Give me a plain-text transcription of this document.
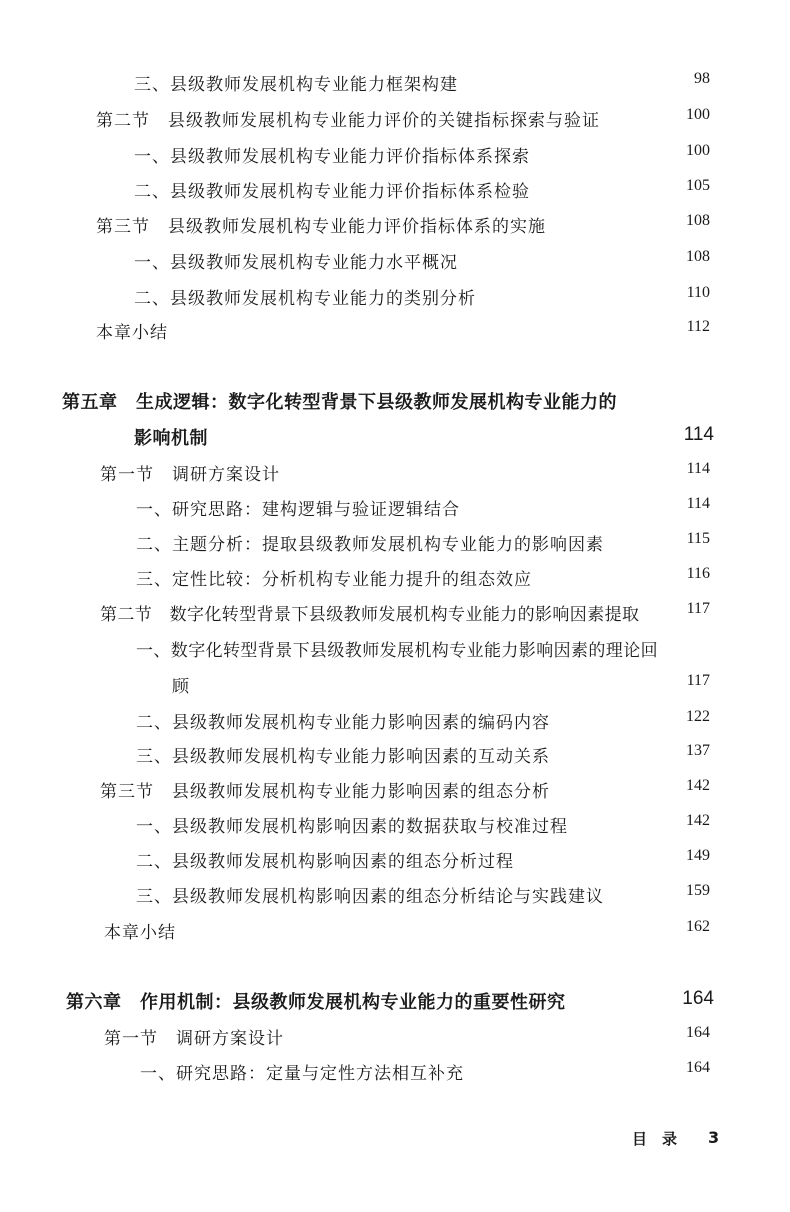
三、县级教师发展机构专业能力框架构建	98
第二节　县级教师发展机构专业能力评价的关键指标探索与验证	100
一、县级教师发展机构专业能力评价指标体系探索	100
二、县级教师发展机构专业能力评价指标体系检验	105
第三节　县级教师发展机构专业能力评价指标体系的实施	108
一、县级教师发展机构专业能力水平概况	108
二、县级教师发展机构专业能力的类别分析	110
本章小结	112
第五章　生成逻辑：数字化转型背景下县级教师发展机构专业能力的
影响机制	114
第一节　调研方案设计	114
一、研究思路：建构逻辑与验证逻辑结合	114
二、主题分析：提取县级教师发展机构专业能力的影响因素	115
三、定性比较：分析机构专业能力提升的组态效应	116
第二节　数字化转型背景下县级教师发展机构专业能力的影响因素提取	117
一、数字化转型背景下县级教师发展机构专业能力影响因素的理论回
顾	117
二、县级教师发展机构专业能力影响因素的编码内容	122
三、县级教师发展机构专业能力影响因素的互动关系	137
第三节　县级教师发展机构专业能力影响因素的组态分析	142
一、县级教师发展机构影响因素的数据获取与校准过程	142
二、县级教师发展机构影响因素的组态分析过程	149
三、县级教师发展机构影响因素的组态分析结论与实践建议	159
本章小结	162
第六章　作用机制：县级教师发展机构专业能力的重要性研究	164
第一节　调研方案设计	164
一、研究思路：定量与定性方法相互补充	164
目　录 3
